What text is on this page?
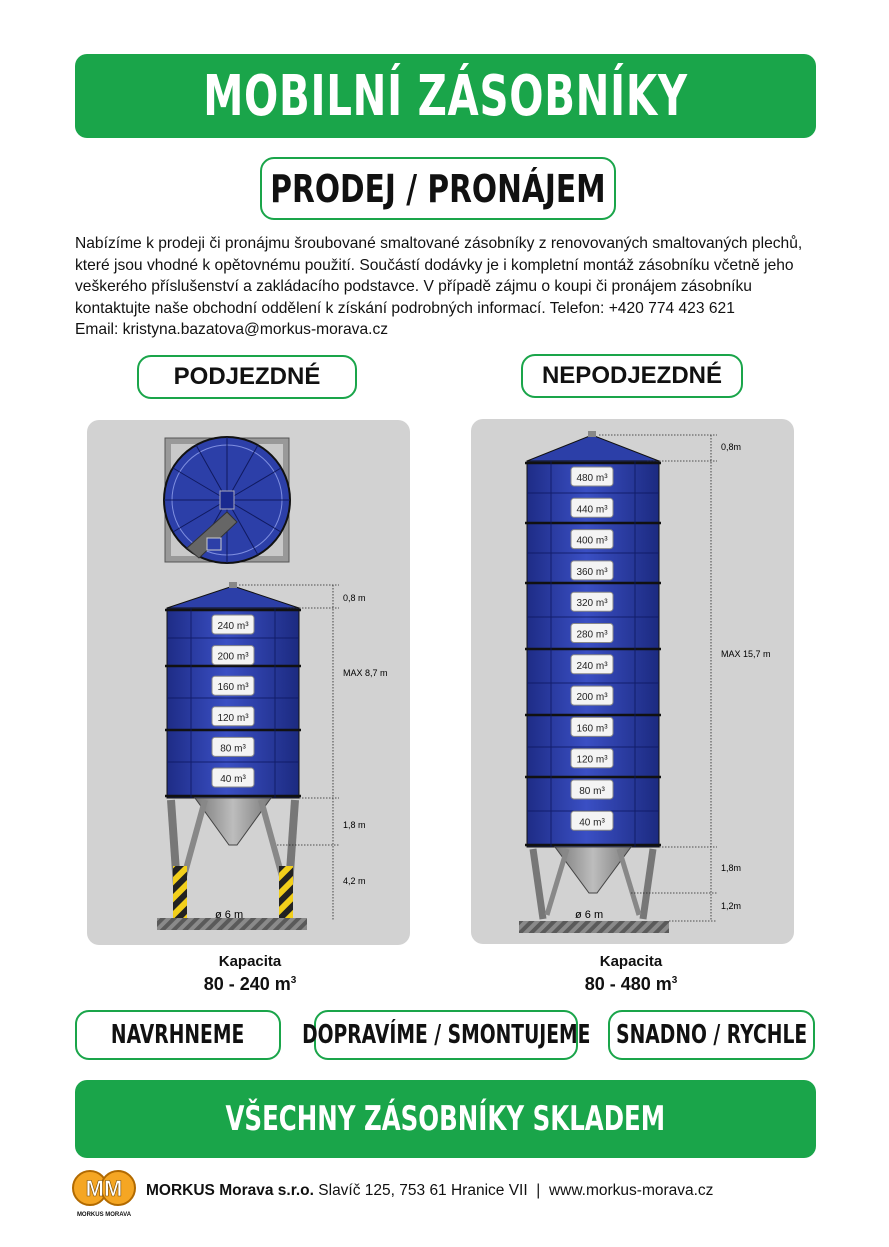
MOBILNÍ ZÁSOBNÍKY
PRODEJ / PRONÁJEM

Nabízíme k prodeji či pronájmu šroubované smaltované zásobníky z renovovaných smaltovaných plechů, které jsou vhodné k opětovnému použití. Součástí dodávky je i kompletní montáž zásobníku včetně jeho veškerého příslušenství a zakládacího podstavce. V případě zájmu o koupi či pronájem zásobníku kontaktujte naše obchodní oddělení k získání podrobných informací. Telefon: +420 774 423 621
Email: kristyna.bazatova@morkus-morava.cz

PODJEZDNÉ	NEPODJEZDNÉ
240 m³
200 m³
160 m³
120 m³
80 m³
40 m³
0,8 m
MAX 8,7 m
1,8 m
4,2 m
ø 6 m
480 m³
440 m³
400 m³
360 m³
320 m³
280 m³
240 m³
200 m³
160 m³
120 m³
80 m³
40 m³
0,8m
MAX 15,7 m
1,8m
1,2m
ø 6 m
Kapacita
80 - 240 $m^3$
Kapacita
80 - 480 $m^3$
NAVRHNEME DOPRAVÍME / SMONTUJEME SNADNO / RYCHLE
VŠECHNY ZÁSOBNÍKY SKLADEM
MM
MORKUS MORAVA
MORKUS Morava s.r.o. Slavíč 125, 753 61 Hranice VII | www.morkus-morava.cz
